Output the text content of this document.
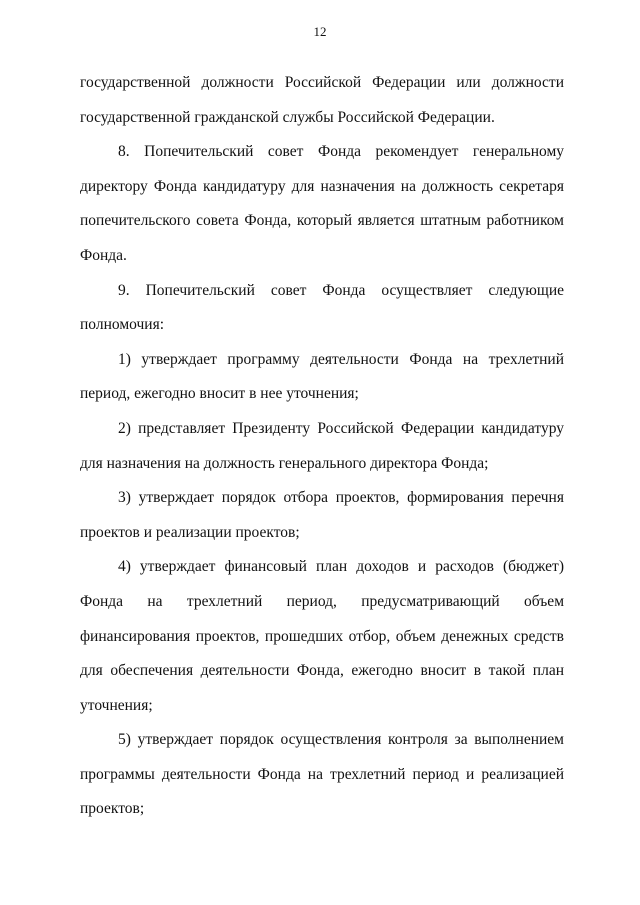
12

государственной должности Российской Федерации или должности государственной гражданской службы Российской Федерации.

8. Попечительский совет Фонда рекомендует генеральному директору Фонда кандидатуру для назначения на должность секретаря попечительского совета Фонда, который является штатным работником Фонда.

9. Попечительский совет Фонда осуществляет следующие полномочия:

1) утверждает программу деятельности Фонда на трехлетний период, ежегодно вносит в нее уточнения;

2) представляет Президенту Российской Федерации кандидатуру для назначения на должность генерального директора Фонда;

3) утверждает порядок отбора проектов, формирования перечня проектов и реализации проектов;

4) утверждает финансовый план доходов и расходов (бюджет) Фонда на трехлетний период, предусматривающий объем финансирования проектов, прошедших отбор, объем денежных средств для обеспечения деятельности Фонда, ежегодно вносит в такой план уточнения;

5) утверждает порядок осуществления контроля за выполнением программы деятельности Фонда на трехлетний период и реализацией проектов;
